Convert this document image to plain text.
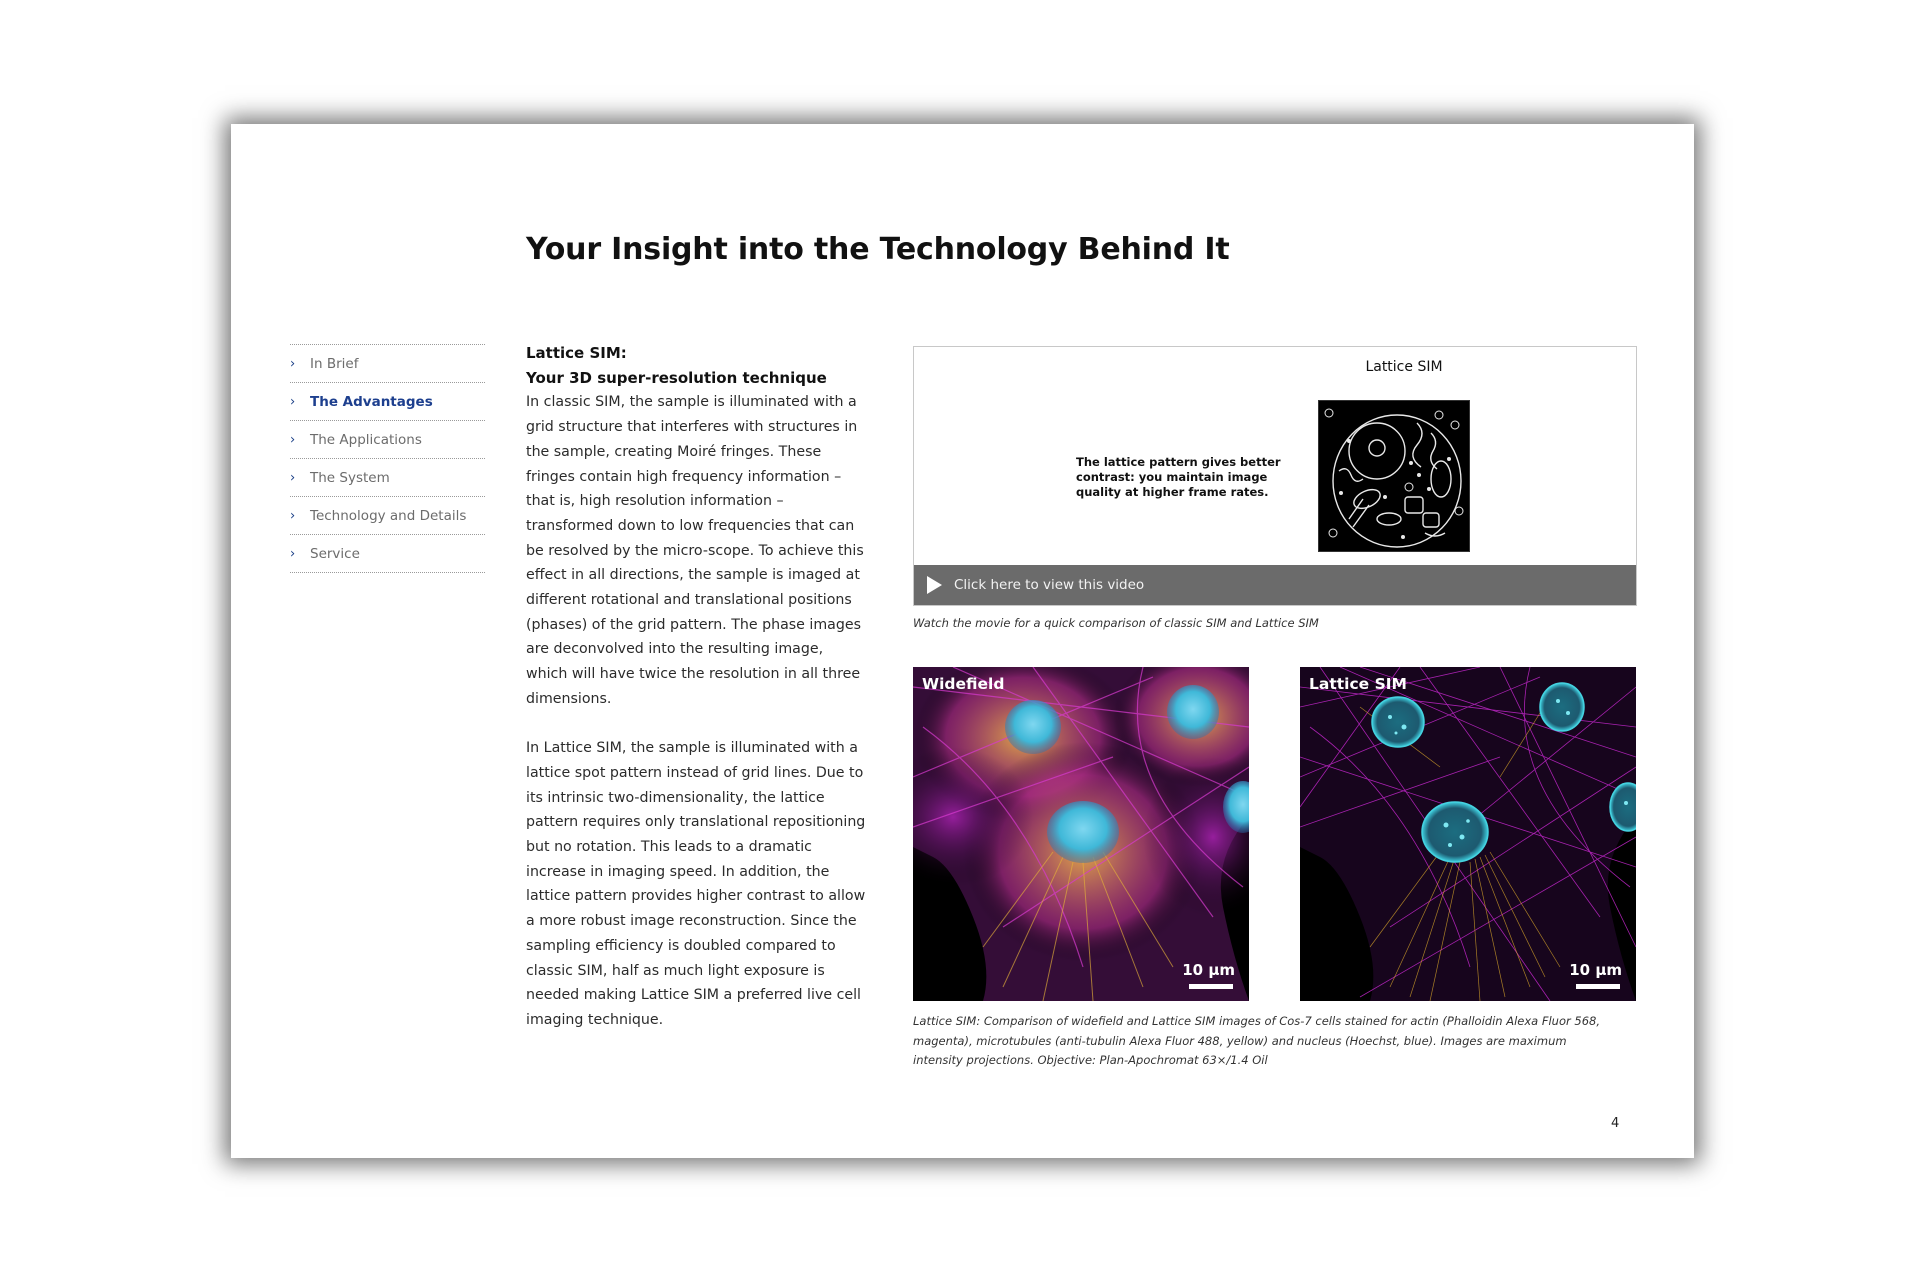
Your Insight into the Technology Behind It
› In Brief
› The Advantages
› The Applications
› The System
› Technology and Details
› Service
Lattice SIM:
Your 3D super-resolution technique

In classic SIM, the sample is illuminated with a grid structure that interferes with structures in the sample, creating Moiré fringes. These fringes contain high frequency information – that is, high resolution information – transformed down to low frequencies that can be resolved by the micro-scope. To achieve this effect in all directions, the sample is imaged at different rotational and translational positions (phases) of the grid pattern. The phase images are deconvolved into the resulting image, which will have twice the resolution in all three dimensions.

In Lattice SIM, the sample is illuminated with a lattice spot pattern instead of grid lines. Due to its intrinsic two-dimensionality, the lattice pattern requires only translational repositioning but no rotation. This leads to a dramatic increase in imaging speed. In addition, the lattice pattern provides higher contrast to allow a more robust image reconstruction. Since the sampling efficiency is doubled compared to classic SIM, half as much light exposure is needed making Lattice SIM a preferred live cell imaging technique.

Lattice SIM
The lattice pattern gives better contrast: you maintain image quality at higher frame rates.
Click here to view this video
Watch the movie for a quick comparison of classic SIM and Lattice SIM
Widefield
10 µm
Lattice SIM
10 µm
Lattice SIM: Comparison of widefield and Lattice SIM images of Cos-7 cells stained for actin (Phalloidin Alexa Fluor 568, magenta), microtubules (anti-tubulin Alexa Fluor 488, yellow) and nucleus (Hoechst, blue). Images are maximum intensity projections. Objective: Plan-Apochromat 63×/1.4 Oil
4
